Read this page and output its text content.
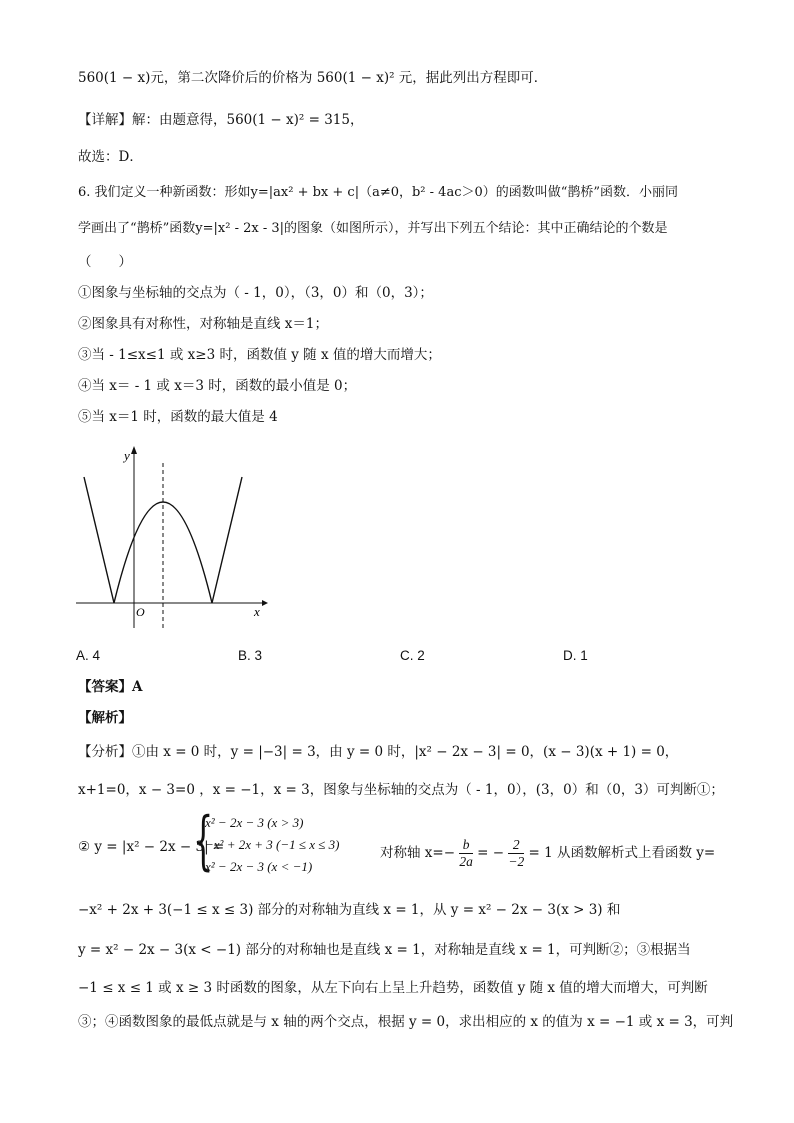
560(1 − x)元，第二次降价后的价格为 560(1 − x)² 元，据此列出方程即可．
【详解】解：由题意得，560(1 − x)² = 315，
故选：D．
6. 我们定义一种新函数：形如y=|ax² + bx + c|（a≠0，b² - 4ac＞0）的函数叫做“鹊桥”函数．小丽同
学画出了“鹊桥”函数y=|x² - 2x - 3|的图象（如图所示），并写出下列五个结论：其中正确结论的个数是
（　　）
①图象与坐标轴的交点为（ - 1，0），（3，0）和（0，3）；
②图象具有对称性，对称轴是直线 x＝1；
③当 - 1≤x≤1 或 x≥3 时，函数值 y 随 x 值的增大而增大；
④当 x＝ - 1 或 x＝3 时，函数的最小值是 0；
⑤当 x＝1 时，函数的最大值是 4
y
x
O
A. 4	B. 3	C. 2	D. 1
【答案】A
【解析】
【分析】①由 x = 0 时，y = |−3| = 3，由 y = 0 时，|x² − 2x − 3| = 0，(x − 3)(x + 1) = 0，
x+1=0，x − 3=0 ，x = −1，x = 3，图象与坐标轴的交点为（ - 1，0），(3，0）和（0，3）可判断①；
② y = |x² − 2x − 3| =
{
x² − 2x − 3 (x > 3)
−x² + 2x + 3 (−1 ≤ x ≤ 3)
x² − 2x − 3 (x < −1)
对称轴 $x=- \frac{b}{2a}$ = − $\frac{2}{-2} = 1$ 从函数解析式上看函数 y=
−x² + 2x + 3(−1 ≤ x ≤ 3) 部分的对称轴为直线 x = 1，从 y = x² − 2x − 3(x > 3) 和
y = x² − 2x − 3(x < −1) 部分的对称轴也是直线 x = 1，对称轴是直线 x = 1，可判断②；③根据当
−1 ≤ x ≤ 1 或 x ≥ 3 时函数的图象，从左下向右上呈上升趋势，函数值 y 随 x 值的增大而增大，可判断
③；④函数图象的最低点就是与 x 轴的两个交点，根据 y = 0，求出相应的 x 的值为 x = −1 或 x = 3，可判
